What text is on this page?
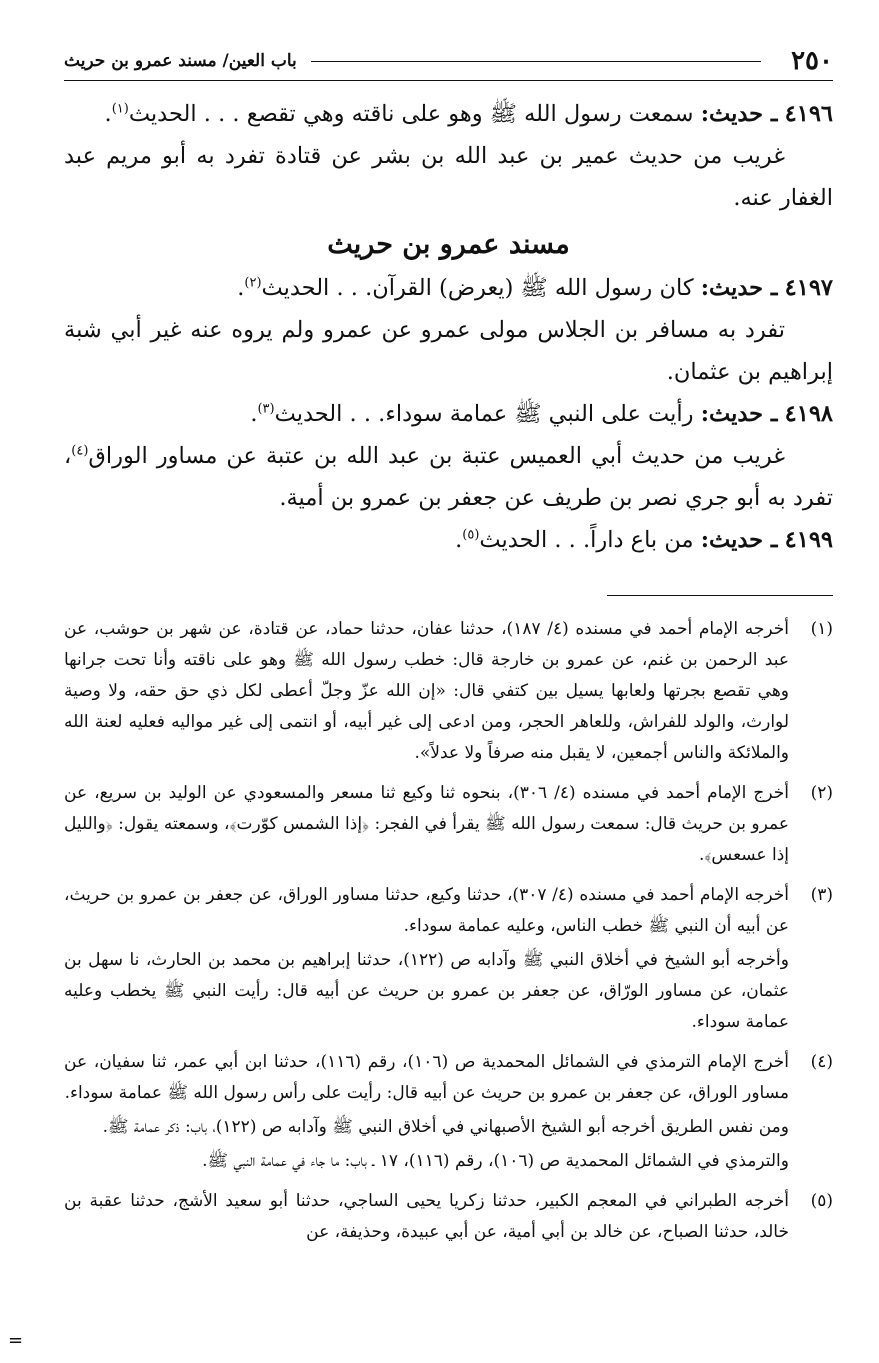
٢٥٠
باب العين/ مسند عمرو بن حريث

٤١٩٦ ـ حديث: سمعت رسول الله ﷺ وهو على ناقته وهي تقصع . . . الحديث$^{(١)}$.

غريب من حديث عمير بن عبد الله بن بشر عن قتادة تفرد به أبو مريم عبد الغفار عنه.

مسند عمرو بن حريث

٤١٩٧ ـ حديث: كان رسول الله ﷺ (يعرض) القرآن. . . الحديث$^{(٢)}$.

تفرد به مسافر بن الجلاس مولى عمرو عن عمرو ولم يروه عنه غير أبي شبة إبراهيم بن عثمان.

٤١٩٨ ـ حديث: رأيت على النبي ﷺ عمامة سوداء. . . الحديث$^{(٣)}$.

غريب من حديث أبي العميس عتبة بن عبد الله بن عتبة عن مساور الوراق$^{(٤)}$، تفرد به أبو جري نصر بن طريف عن جعفر بن عمرو بن أمية.

٤١٩٩ ـ حديث: من باع داراً. . . الحديث$^{(٥)}$.

(١)

أخرجه الإمام أحمد في مسنده (٤/ ١٨٧)، حدثنا عفان، حدثنا حماد، عن قتادة، عن شهر بن حوشب، عن عبد الرحمن بن غنم، عن عمرو بن خارجة قال: خطب رسول الله ﷺ وهو على ناقته وأنا تحت جرانها وهي تقصع بجرتها ولعابها يسيل بين كتفي قال: «إن الله عزّ وجلّ أعطى لكل ذي حق حقه، ولا وصية لوارث، والولد للفراش، وللعاهر الحجر، ومن ادعى إلى غير أبيه، أو انتمى إلى غير مواليه فعليه لعنة الله والملائكة والناس أجمعين، لا يقبل منه صرفاً ولا عدلاً».

(٢)

أخرج الإمام أحمد في مسنده (٤/ ٣٠٦)، بنحوه ثنا وكيع ثنا مسعر والمسعودي عن الوليد بن سريع، عن عمرو بن حريث قال: سمعت رسول الله ﷺ يقرأ في الفجر: ﴿إذا الشمس كوّرت﴾، وسمعته يقول: ﴿والليل إذا عسعس﴾.

(٣)

أخرجه الإمام أحمد في مسنده (٤/ ٣٠٧)، حدثنا وكيع، حدثنا مساور الوراق، عن جعفر بن عمرو بن حريث، عن أبيه أن النبي ﷺ خطب الناس، وعليه عمامة سوداء.

وأخرجه أبو الشيخ في أخلاق النبي ﷺ وآدابه ص (١٢٢)، حدثنا إبراهيم بن محمد بن الحارث، نا سهل بن عثمان، عن مساور الورّاق، عن جعفر بن عمرو بن حريث عن أبيه قال: رأيت النبي ﷺ يخطب وعليه عمامة سوداء.

(٤)

أخرج الإمام الترمذي في الشمائل المحمدية ص (١٠٦)، رقم (١١٦)، حدثنا ابن أبي عمر، ثنا سفيان، عن مساور الوراق، عن جعفر بن عمرو بن حريث عن أبيه قال: رأيت على رأس رسول الله ﷺ عمامة سوداء.

ومن نفس الطريق أخرجه أبو الشيخ الأصبهاني في أخلاق النبي ﷺ وآدابه ص (١٢٢)، باب: ذكر عمامة ﷺ.

والترمذي في الشمائل المحمدية ص (١٠٦)، رقم (١١٦)، ١٧ ـ باب: ما جاء في عمامة النبي ﷺ.

(٥)

أخرجه الطبراني في المعجم الكبير، حدثنا زكريا يحيى الساجي، حدثنا أبو سعيد الأشج، حدثنا عقبة بن خالد، حدثنا الصباح، عن خالد بن أبي أمية، عن أبي عبيدة، وحذيفة، عن

=
